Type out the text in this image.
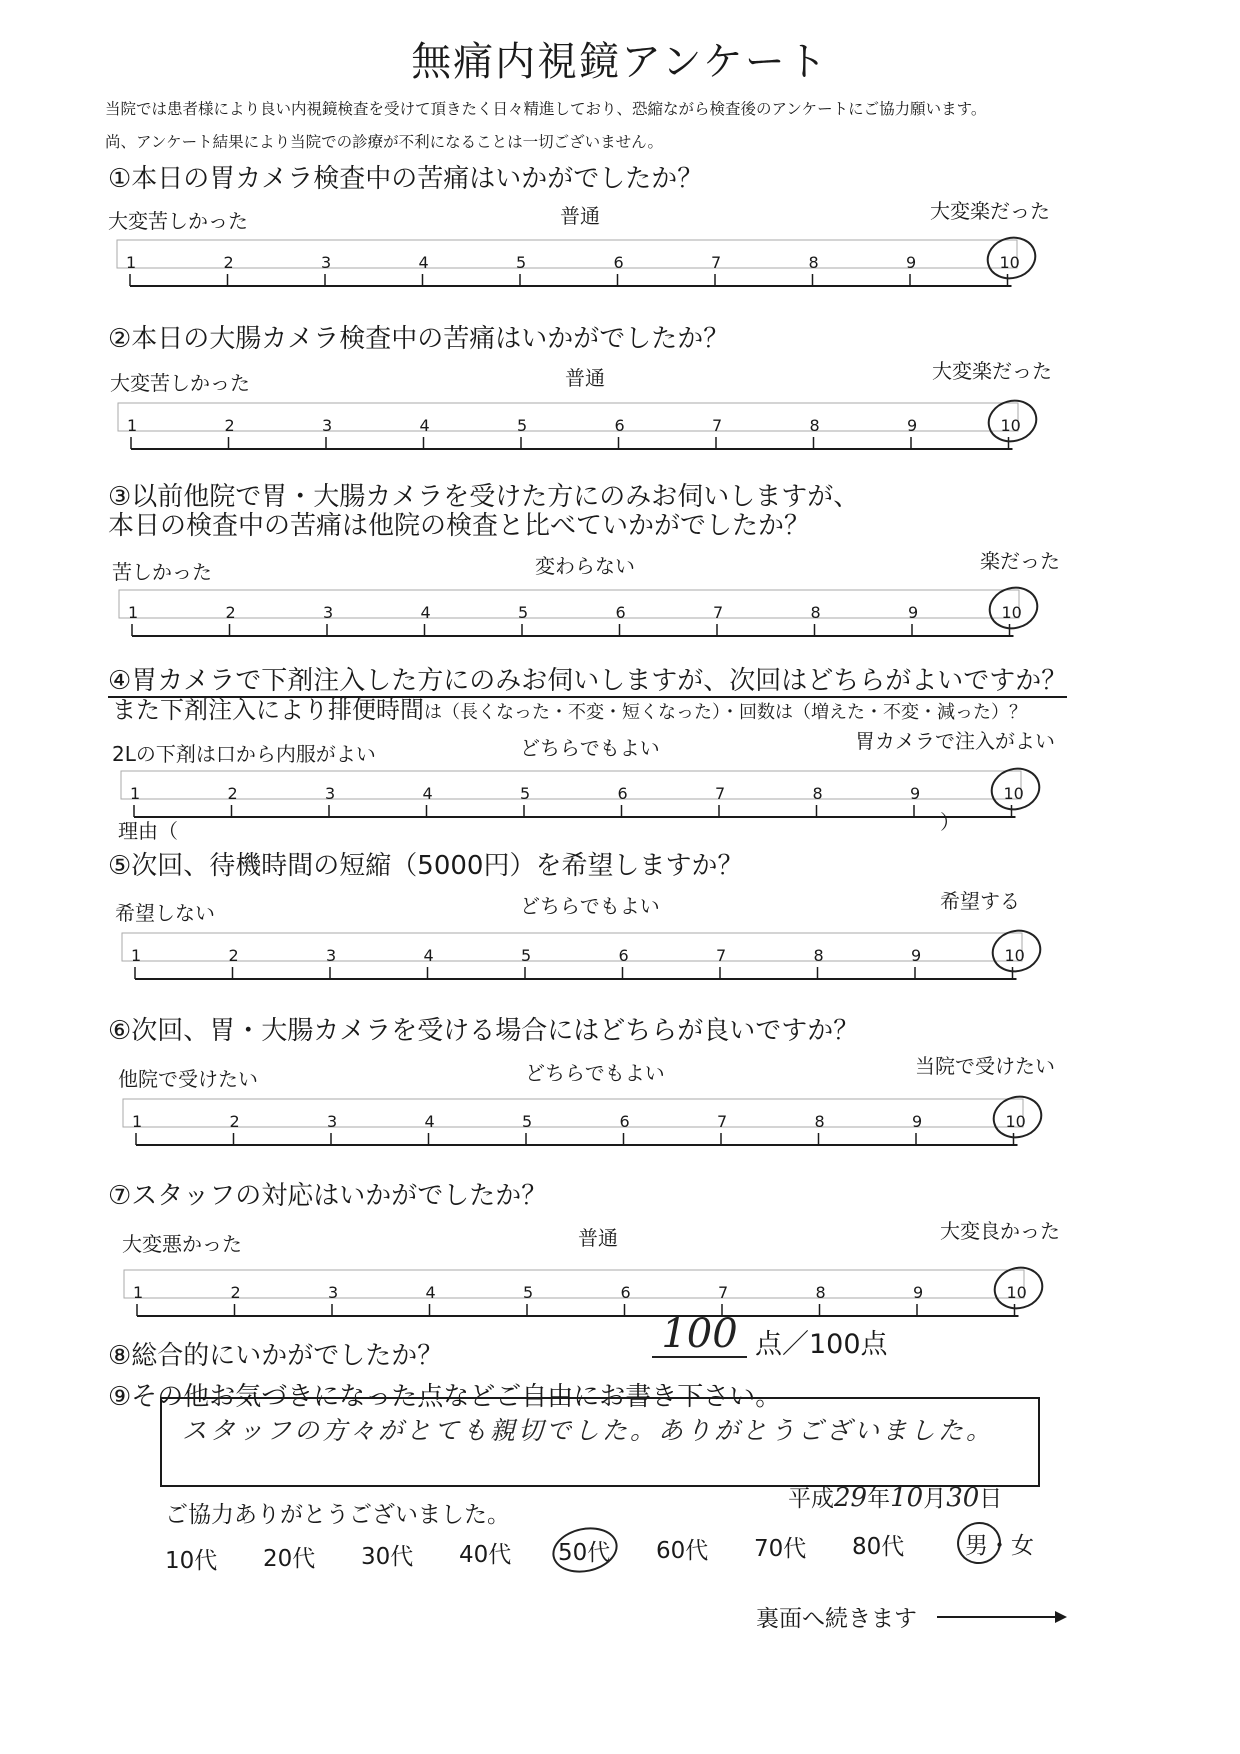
無痛内視鏡アンケート
当院では患者様により良い内視鏡検査を受けて頂きたく日々精進しており、恐縮ながら検査後のアンケートにご協力願います。
尚、アンケート結果により当院での診療が不利になることは一切ございません。
①本日の胃カメラ検査中の苦痛はいかがでしたか？
大変苦しかった	普通	大変楽だった
1	2	3	4	5	6	7	8	9	10
②本日の大腸カメラ検査中の苦痛はいかがでしたか？
大変苦しかった	普通	大変楽だった
1	2	3	4	5	6	7	8	9	10
③以前他院で胃・大腸カメラを受けた方にのみお伺いしますが、
本日の検査中の苦痛は他院の検査と比べていかがでしたか？
苦しかった	変わらない	楽だった
1	2	3	4	5	6	7	8	9	10
④胃カメラで下剤注入した方にのみお伺いしますが、次回はどちらがよいですか？
また下剤注入により排便時間は（長くなった・不変・短くなった）・回数は（増えた・不変・減った）？
2Lの下剤は口から内服がよい	どちらでもよい	胃カメラで注入がよい
1	2	3	4	5	6	7	8	9	10
理由（	）
⑤次回、待機時間の短縮（5000円）を希望しますか？
希望しない	どちらでもよい	希望する
1	2	3	4	5	6	7	8	9	10
⑥次回、胃・大腸カメラを受ける場合にはどちらが良いですか？
他院で受けたい	どちらでもよい	当院で受けたい
1	2	3	4	5	6	7	8	9	10
⑦スタッフの対応はいかがでしたか？
大変悪かった	普通	大変良かった
1	2	3	4	5	6	7	8	9	10
⑧総合的にいかがでしたか？	100 点／100点
⑨その他お気づきになった点などご自由にお書き下さい。
スタッフの方々がとても親切でした。ありがとうございました。
ご協力ありがとうございました。
平成29年10月30日
10代 20代 30代 40代 50代 60代 70代 80代	男・女
裏面へ続きます
